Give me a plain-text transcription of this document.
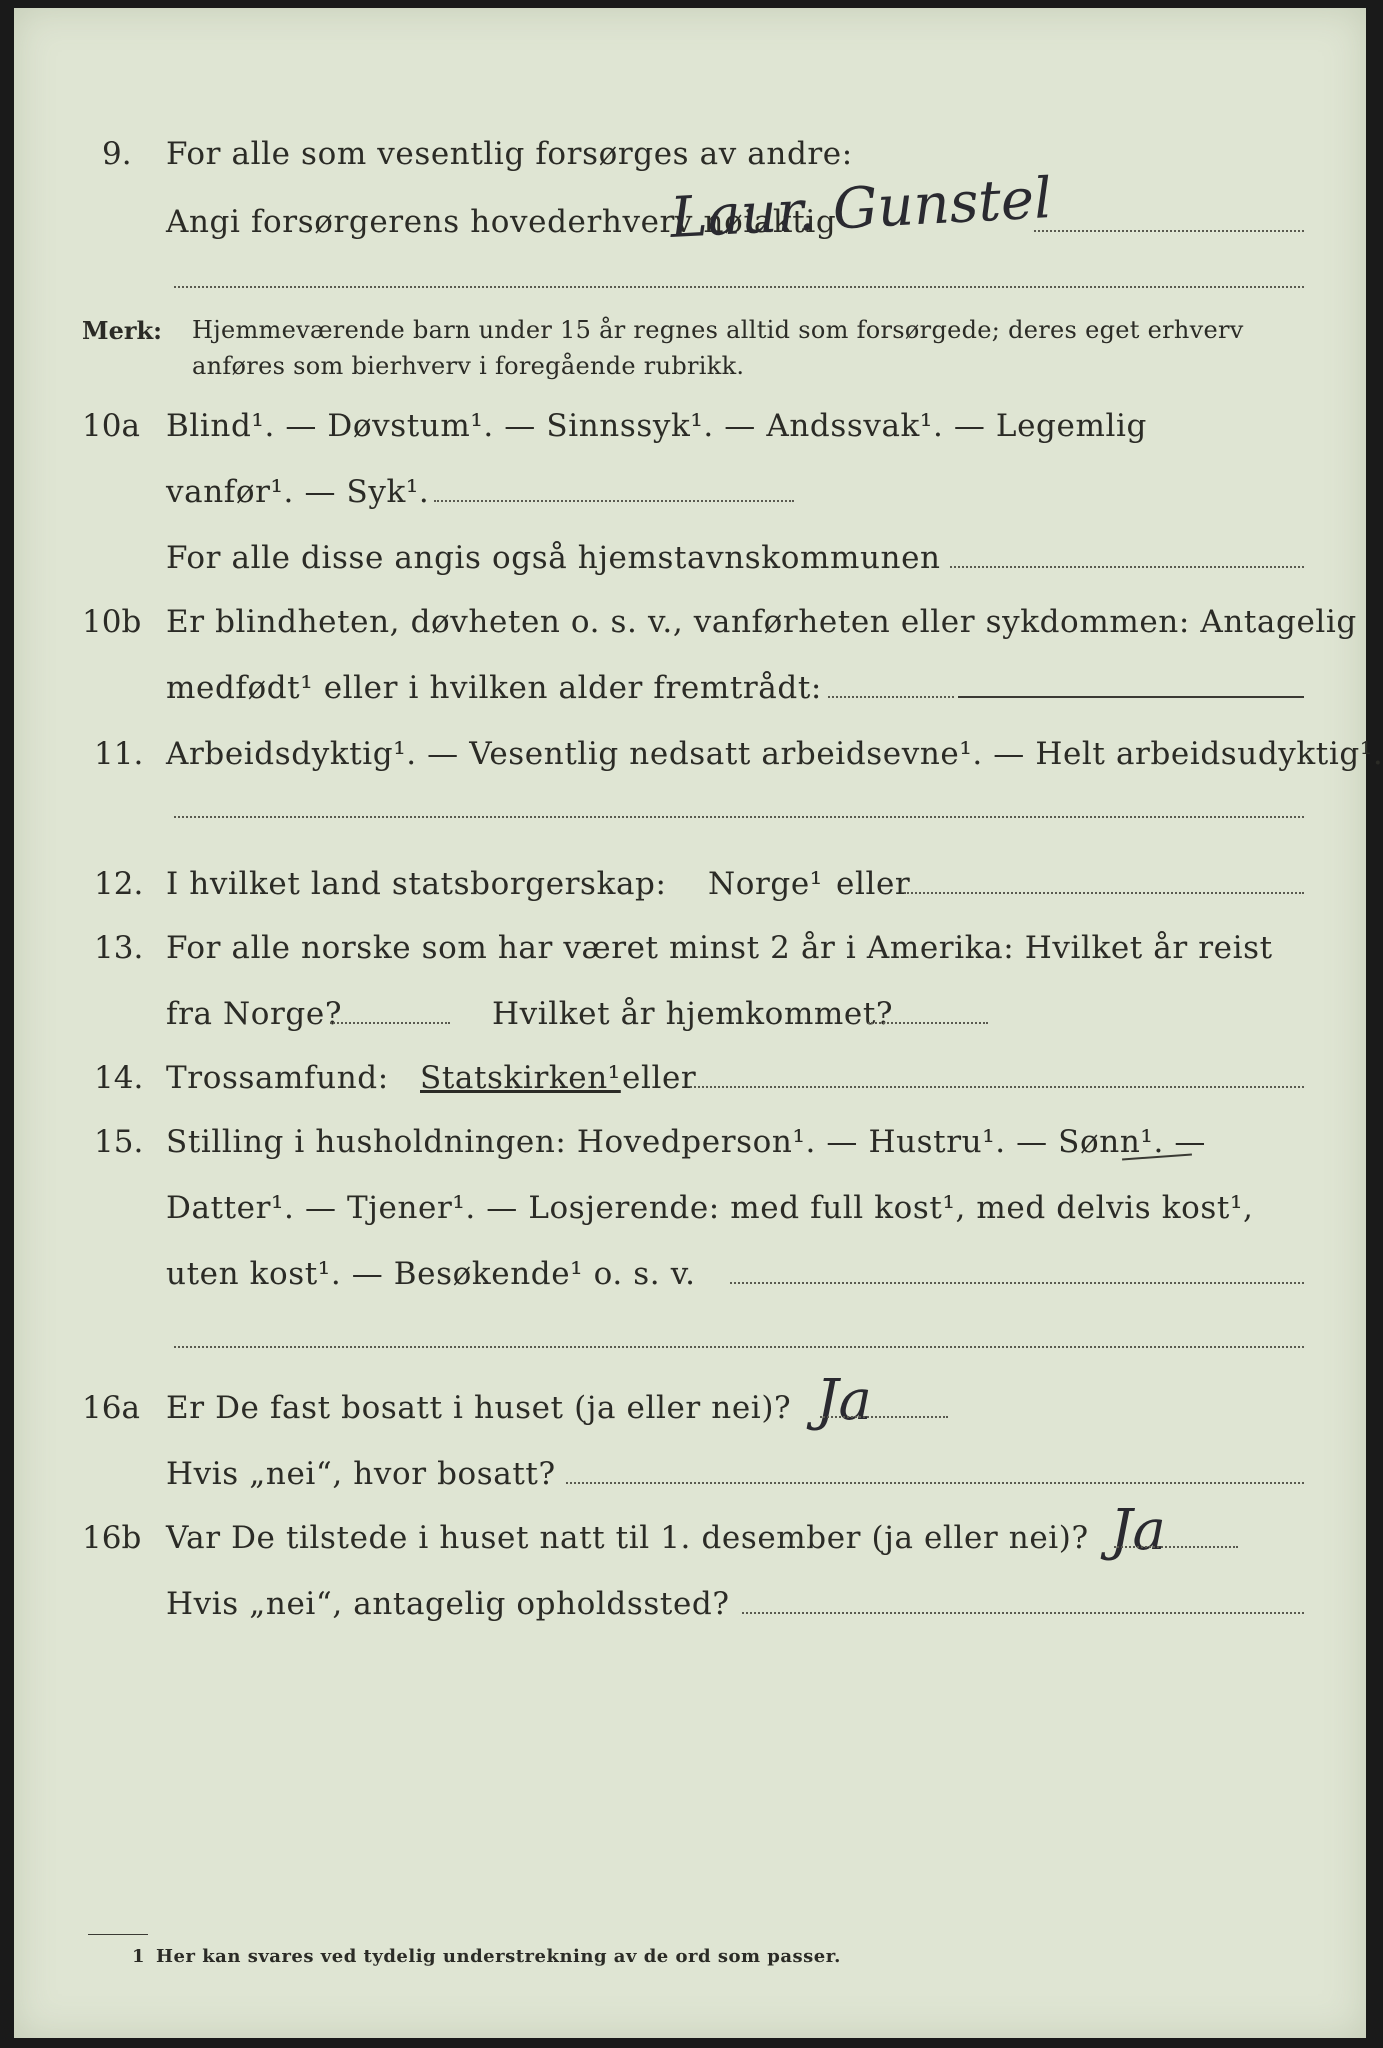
9. For alle som vesentlig forsørges av andre:
Angi forsørgerens hovederhverv nøiaktig
Laur. Gunstel
Merk: Hjemmeværende barn under 15 år regnes alltid som forsørgede; deres eget erhverv
anføres som bierhverv i foregående rubrikk.
10a Blind¹. — Døvstum¹. — Sinnssyk¹. — Andssvak¹. — Legemlig
vanfør¹. — Syk¹.
For alle disse angis også hjemstavnskommunen
10b Er blindheten, døvheten o. s. v., vanførheten eller sykdommen: Antagelig
medfødt¹ eller i hvilken alder fremtrådt:
11. Arbeidsdyktig¹. — Vesentlig nedsatt arbeidsevne¹. — Helt arbeidsudyktig¹.
12. I hvilket land statsborgerskap: Norge¹ eller
13. For alle norske som har været minst 2 år i Amerika: Hvilket år reist
fra Norge?	Hvilket år hjemkommet?
14. Trossamfund: Statskirken¹ eller
15. Stilling i husholdningen: Hovedperson¹. — Hustru¹. — Sønn¹. —
Datter¹. — Tjener¹. — Losjerende: med full kost¹, med delvis kost¹,
uten kost¹. — Besøkende¹ o. s. v.
16a Er De fast bosatt i huset (ja eller nei)? Ja
Hvis „nei“, hvor bosatt?
16b Var De tilstede i huset natt til 1. desember (ja eller nei)? Ja
Hvis „nei“, antagelig opholdssted?
1 Her kan svares ved tydelig understrekning av de ord som passer.
